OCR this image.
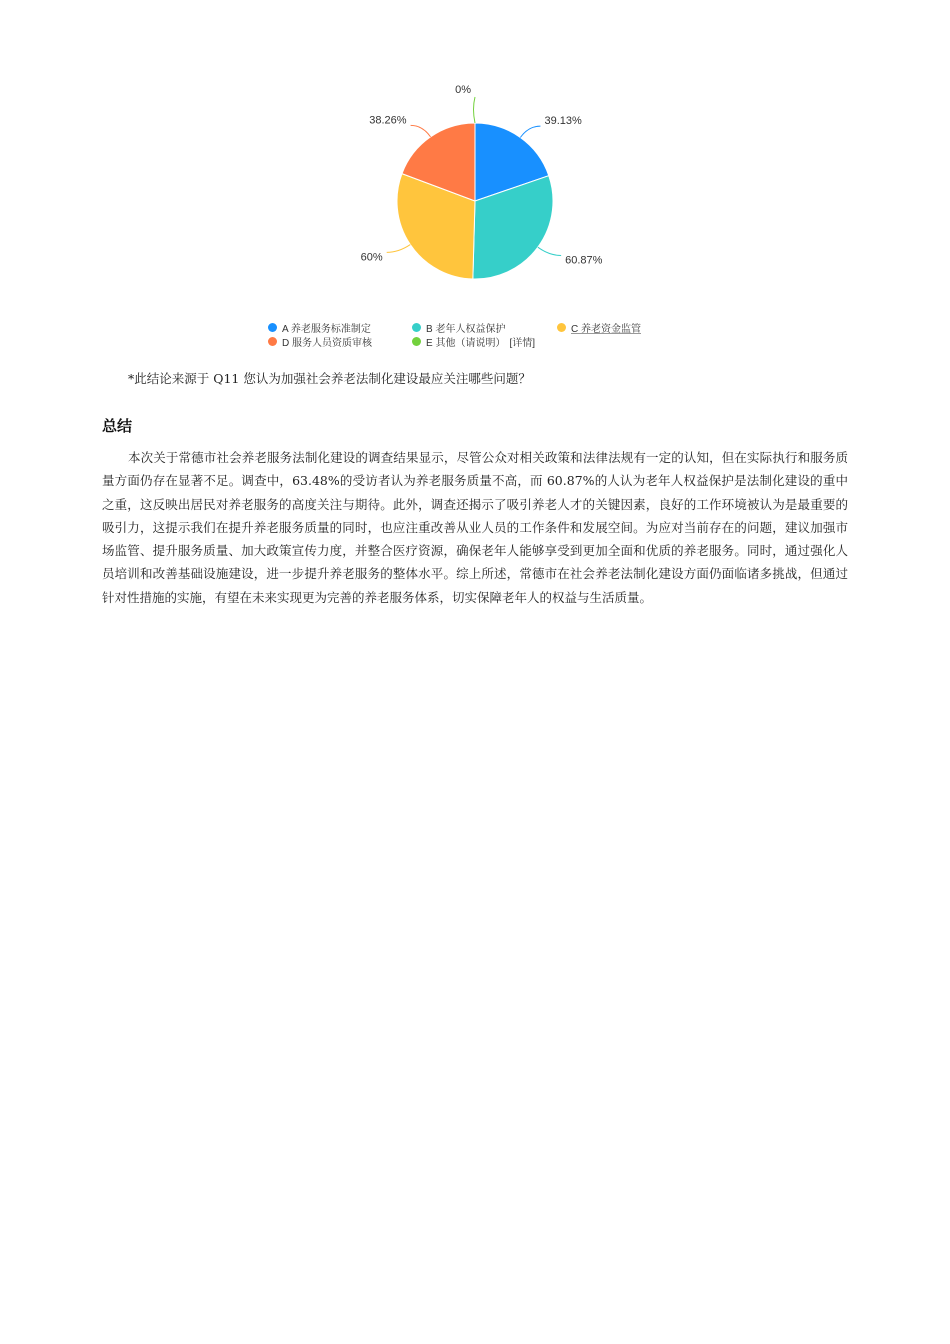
39.13%
60.87%
60%
38.26%
0%
A 养老服务标准制定	B 老年人权益保护	C 养老资金监管
D 服务人员资质审核	E 其他（请说明） [详情]
*此结论来源于 Q11 您认为加强社会养老法制化建设最应关注哪些问题？
总结
本次关于常德市社会养老服务法制化建设的调查结果显示，尽管公众对相关政策和法律法规有一定的认知，但在实际执行和服务质量方面仍存在显著不足。调查中，63.48%的受访者认为养老服务质量不高，而 60.87%的人认为老年人权益保护是法制化建设的重中之重，这反映出居民对养老服务的高度关注与期待。此外，调查还揭示了吸引养老人才的关键因素，良好的工作环境被认为是最重要的吸引力，这提示我们在提升养老服务质量的同时，也应注重改善从业人员的工作条件和发展空间。为应对当前存在的问题，建议加强市场监管、提升服务质量、加大政策宣传力度，并整合医疗资源，确保老年人能够享受到更加全面和优质的养老服务。同时，通过强化人员培训和改善基础设施建设，进一步提升养老服务的整体水平。综上所述，常德市在社会养老法制化建设方面仍面临诸多挑战，但通过针对性措施的实施，有望在未来实现更为完善的养老服务体系，切实保障老年人的权益与生活质量。
